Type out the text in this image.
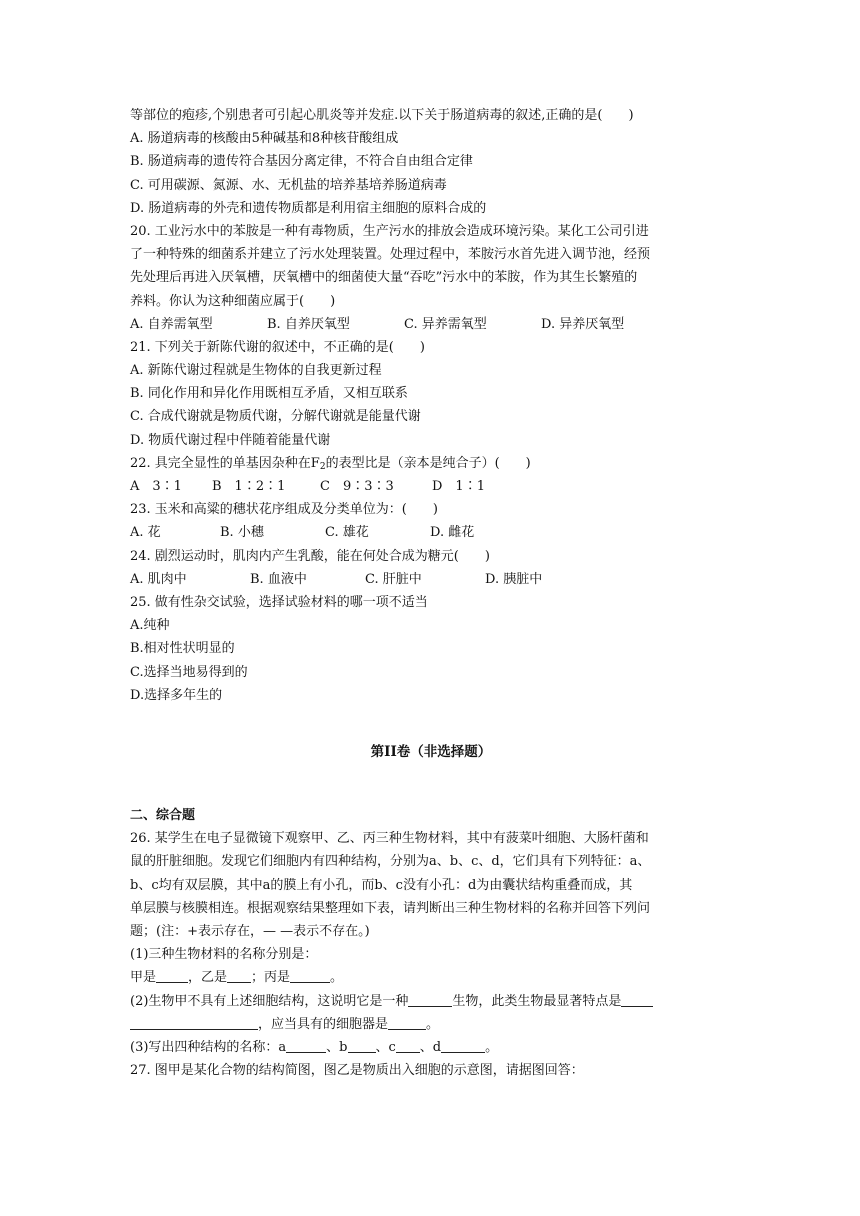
等部位的疱疹,个别患者可引起心肌炎等并发症.以下关于肠道病毒的叙述,正确的是(　　)
A. 肠道病毒的核酸由5种碱基和8种核苷酸组成
B. 肠道病毒的遗传符合基因分离定律，不符合自由组合定律
C. 可用碳源、氮源、水、无机盐的培养基培养肠道病毒
D. 肠道病毒的外壳和遗传物质都是利用宿主细胞的原料合成的
20. 工业污水中的苯胺是一种有毒物质，生产污水的排放会造成环境污染。某化工公司引进
了一种特殊的细菌系并建立了污水处理装置。处理过程中，苯胺污水首先进入调节池，经预
先处理后再进入厌氧槽，厌氧槽中的细菌使大量“吞吃”污水中的苯胺，作为其生长繁殖的
养料。你认为这种细菌应属于(　　)
A. 自养需氧型	B. 自养厌氧型	C. 异养需氧型	D. 异养厌氧型
21. 下列关于新陈代谢的叙述中，不正确的是(　　)
A. 新陈代谢过程就是生物体的自我更新过程
B. 同化作用和异化作用既相互矛盾，又相互联系
C. 合成代谢就是物质代谢，分解代谢就是能量代谢
D. 物质代谢过程中伴随着能量代谢
22. 具完全显性的单基因杂种在$F_2$的表型比是（亲本是纯合子）(　　)
A　3∶1	B　1∶2∶1	C　9∶3∶3	D　1∶1
23. 玉米和高粱的穗状花序组成及分类单位为：(　　)
A. 花	B. 小穗	C. 雄花	D. 雌花
24. 剧烈运动时，肌肉内产生乳酸，能在何处合成为糖元(　　)
A. 肌肉中	B. 血液中	C. 肝脏中	D. 胰脏中
25. 做有性杂交试验，选择试验材料的哪一项不适当
A.纯种
B.相对性状明显的
C.选择当地易得到的
D.选择多年生的
第II卷（非选择题）
二、综合题
26. 某学生在电子显微镜下观察甲、乙、丙三种生物材料，其中有菠菜叶细胞、大肠杆菌和
鼠的肝脏细胞。发现它们细胞内有四种结构，分别为a、b、c、d，它们具有下列特征：a、
b、c均有双层膜，其中a的膜上有小孔，而b、c没有小孔：d为由囊状结构重叠而成，其
单层膜与核膜相连。根据观察结果整理如下表，请判断出三种生物材料的名称并回答下列问
题；(注：+表示存在，— —表示不存在。)
(1)三种生物材料的名称分别是：
甲是 ，乙是 ；丙是	。
(2)生物甲不具有上述细胞结构，这说明它是一种	生物，此类生物最显著特点是
，应当具有的细胞器是	。
(3)写出四种结构的名称：a	、b 、c 、d	。
27. 图甲是某化合物的结构简图，图乙是物质出入细胞的示意图，请据图回答：
